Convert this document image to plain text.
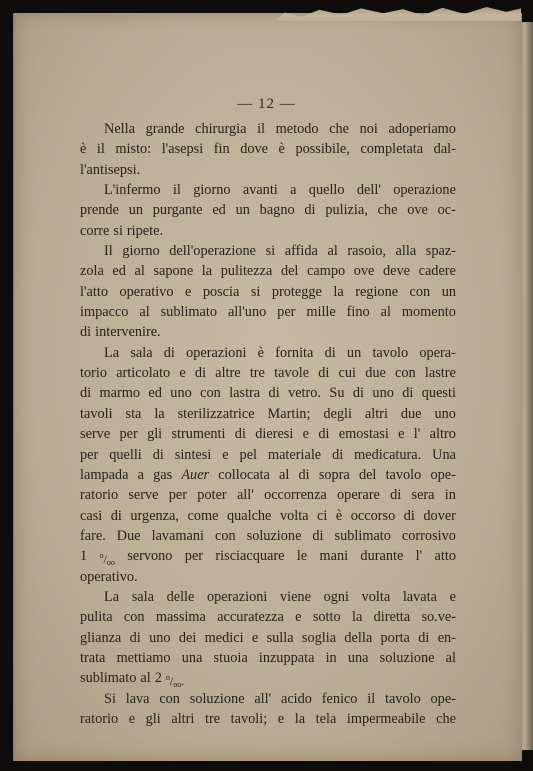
— 12 —
Nella grande chirurgia il metodo che noi adoperiamo
è il misto: l'asepsi fin dove è possibile, completata dal-
l'antisepsi.
L'infermo il giorno avanti a quello dell' operazione
prende un purgante ed un bagno di pulizia, che ove oc-
corre si ripete.
Il giorno dell'operazione si affida al rasoio, alla spaz-
zola ed al sapone la pulitezza del campo ove deve cadere
l'atto operativo e poscia si protegge la regione con un
impacco al sublimato all'uno per mille fino al momento
di intervenire.
La sala di operazioni è fornita di un tavolo opera-
torio articolato e di altre tre tavole di cui due con lastre
di marmo ed uno con lastra di vetro. Su di uno di questi
tavoli sta la sterilizzatrice Martin; degli altri due uno
serve per gli strumenti di dieresi e di emostasi e l' altro
per quelli di sintesi e pel materiale di medicatura. Una
lampada a gas Auer collocata al di sopra del tavolo ope-
ratorio serve per poter all' occorrenza operare di sera in
casi di urgenza, come qualche volta ci è occorso di dover
fare. Due lavamani con soluzione di sublimato corrosivo
1 $^o/_{oo}$ servono per risciacquare le mani durante l' atto
operativo.
La sala delle operazioni viene ogni volta lavata e
pulita con massima accuratezza e sotto la diretta so.ve-
glianza di uno dei medici e sulla soglia della porta di en-
trata mettiamo una stuoia inzuppata in una soluzione al
sublimato al 2 $^o/_{oo}$.
Si lava con soluzione all' acido fenico il tavolo ope-
ratorio e gli altri tre tavoli; e la tela impermeabile che
